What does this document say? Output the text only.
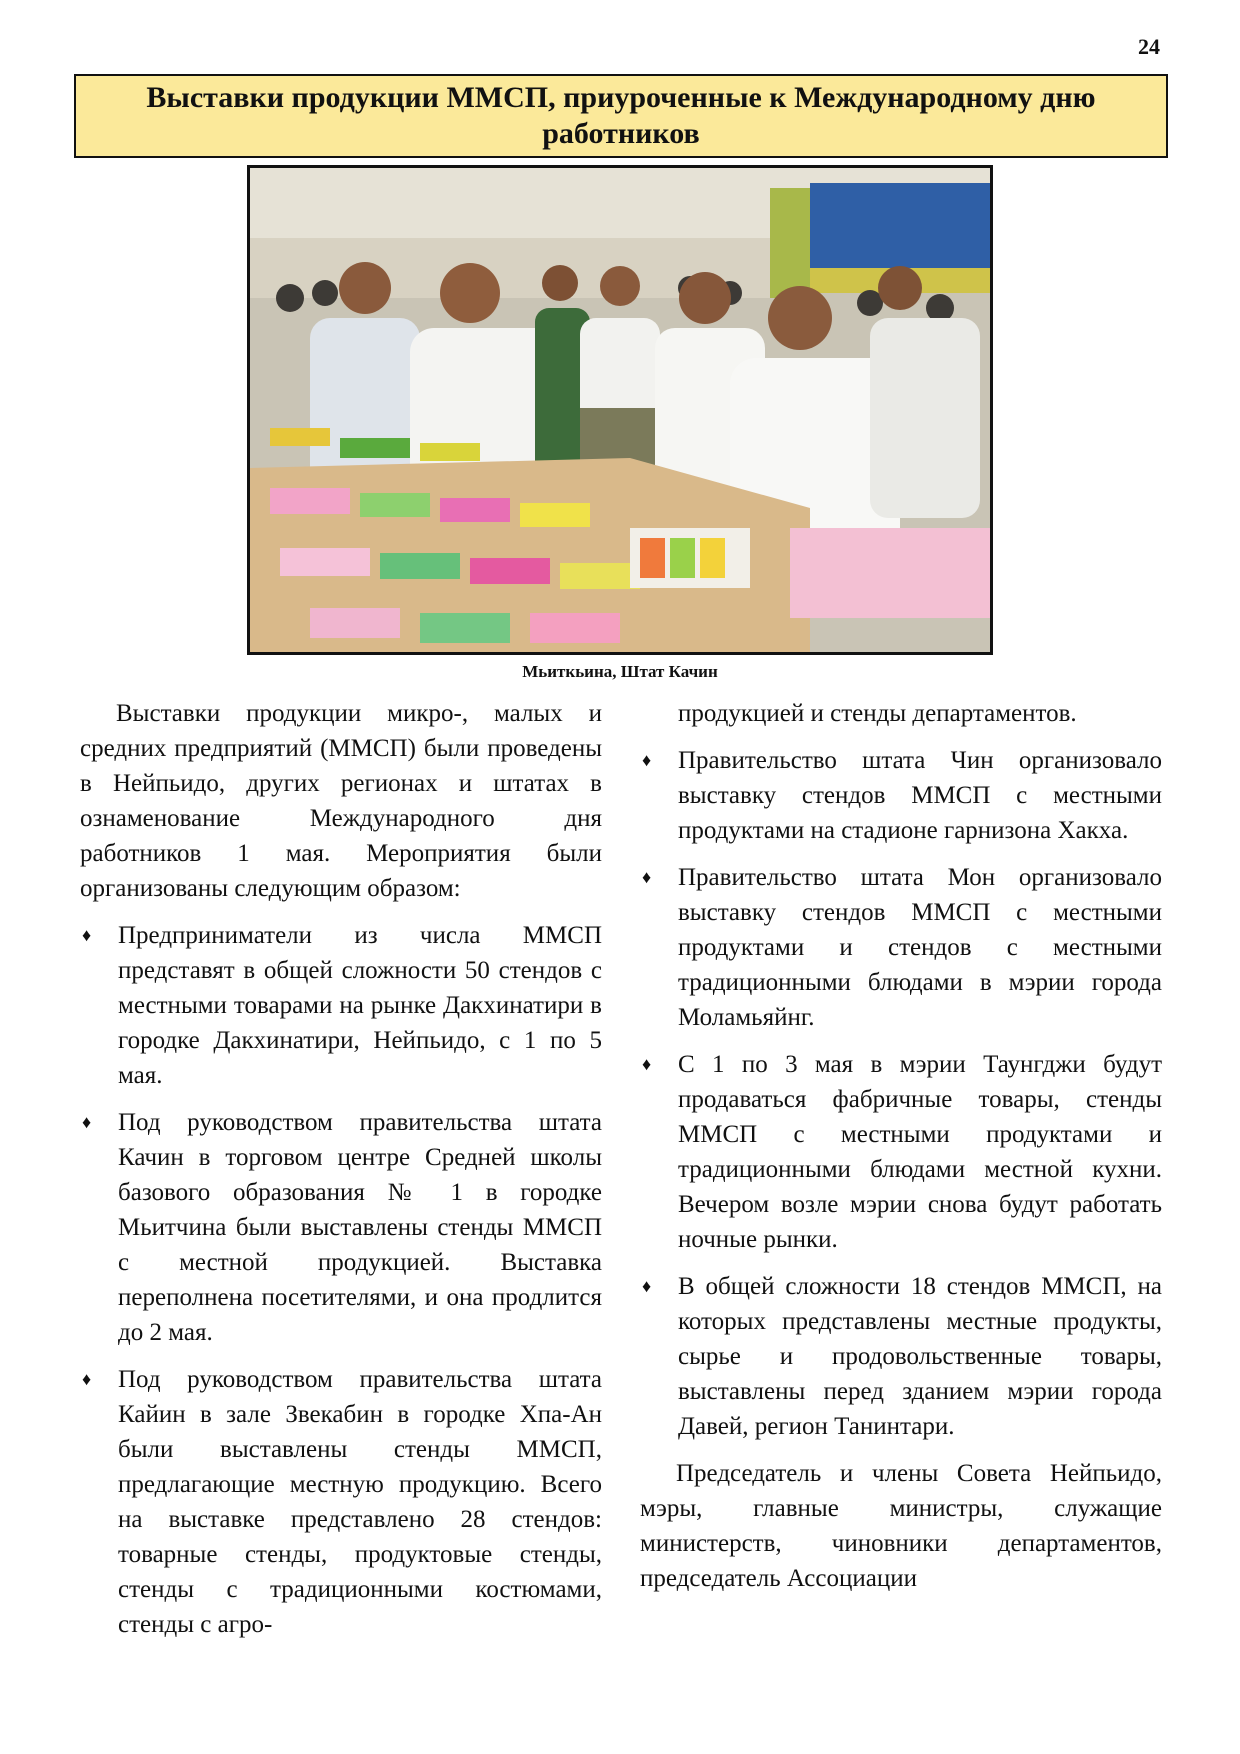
24
Выставки продукции ММСП, приуроченные к Международному дню работников
Мьиткьина, Штат Качин

Выставки продукции микро-, малых и средних предприятий (ММСП) были проведены в Нейпьидо, других регионах и штатах в ознаменование Международного дня работников 1 мая. Мероприятия были организованы следующим образом:

♦ Предприниматели из числа ММСП представят в общей сложности 50 стендов с местными товарами на рынке Дакхинатири в городке Дакхинатири, Нейпьидо, с 1 по 5 мая.
♦ Под руководством правительства штата Качин в торговом центре Средней школы базового образования № 1 в городке Мьитчина были выставлены стенды ММСП с местной продукцией. Выставка переполнена посетителями, и она продлится до 2 мая.
♦ Под руководством правительства штата Кайин в зале Звекабин в городке Хпа-Ан были выставлены стенды ММСП, предлагающие местную продукцию. Всего на выставке представлено 28 стендов: товарные стенды, продуктовые стенды, стенды с традиционными костюмами, стенды с агро-

продукцией и стенды департаментов.

♦ Правительство штата Чин организовало выставку стендов ММСП с местными продуктами на стадионе гарнизона Хакха.
♦ Правительство штата Мон организовало выставку стендов ММСП с местными продуктами и стендов с местными традиционными блюдами в мэрии города Моламьяйнг.
♦ С 1 по 3 мая в мэрии Таунгджи будут продаваться фабричные товары, стенды ММСП с местными продуктами и традиционными блюдами местной кухни. Вечером возле мэрии снова будут работать ночные рынки.
♦ В общей сложности 18 стендов ММСП, на которых представлены местные продукты, сырье и продовольственные товары, выставлены перед зданием мэрии города Давей, регион Танинтари.

Председатель и члены Совета Нейпьидо, мэры, главные министры, служащие министерств, чиновники департаментов, председатель Ассоциации
